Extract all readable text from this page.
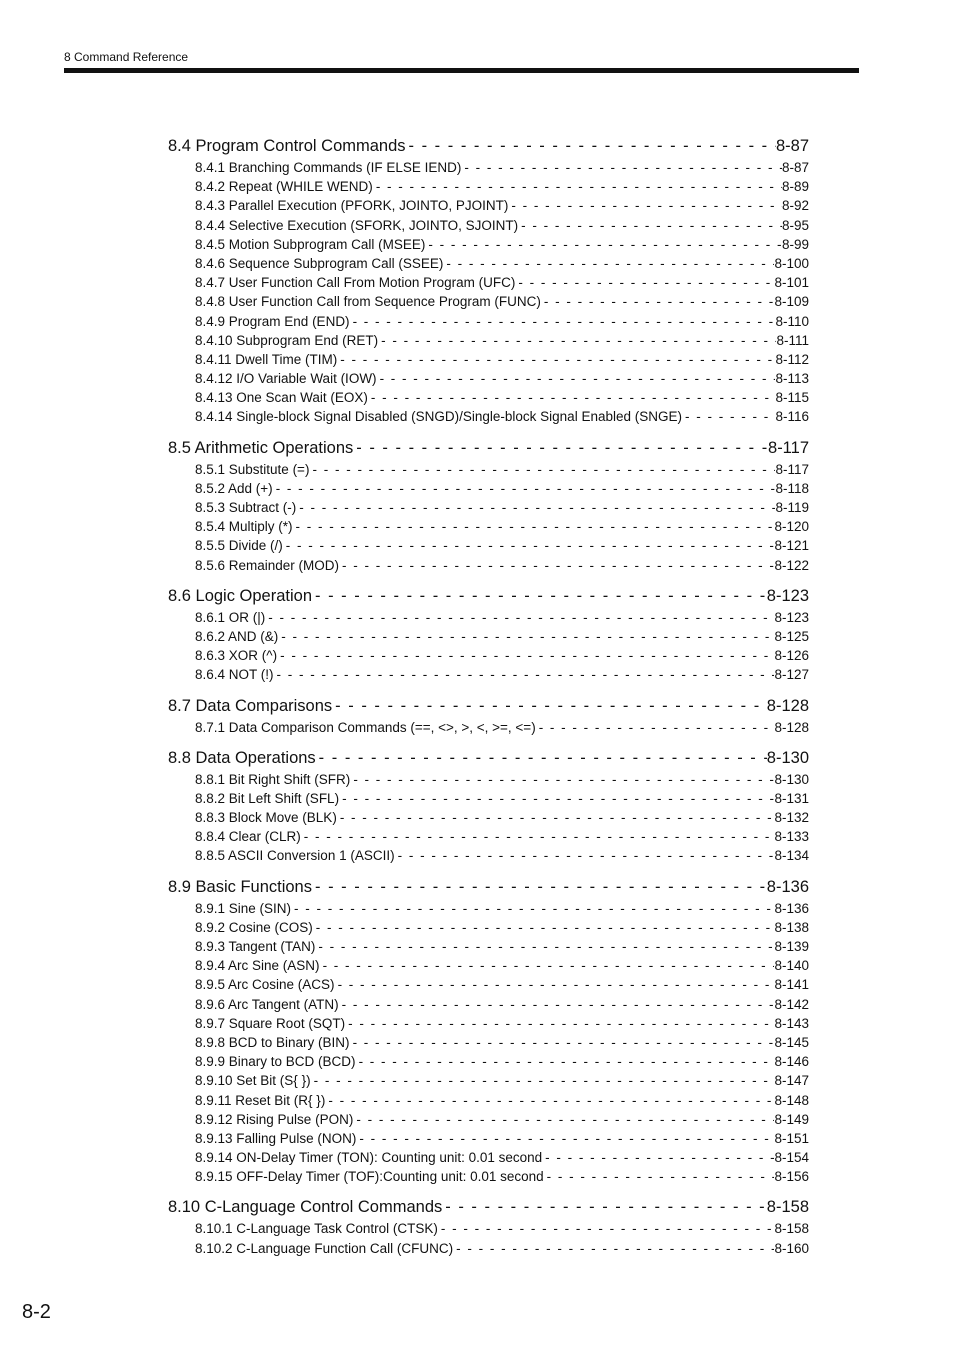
8 Command Reference
8.4 Program Control Commands - - -	8-87
8.4.1 Branching Commands (IF ELSE IEND) - - -	8-87
8.4.2 Repeat (WHILE WEND) - - -	8-89
8.4.3 Parallel Execution (PFORK, JOINTO, PJOINT) - - -	8-92
8.4.4 Selective Execution (SFORK, JOINTO, SJOINT) - - -	8-95
8.4.5 Motion Subprogram Call (MSEE) - - -	8-99
8.4.6 Sequence Subprogram Call (SSEE) - - -	8-100
8.4.7 User Function Call From Motion Program (UFC) - - -	8-101
8.4.8 User Function Call from Sequence Program (FUNC) - - -	8-109
8.4.9 Program End (END) - - -	8-110
8.4.10 Subprogram End (RET) - - -	8-111
8.4.11 Dwell Time (TIM) - - -	8-112
8.4.12 I/O Variable Wait (IOW) - - -	8-113
8.4.13 One Scan Wait (EOX) - - -	8-115
8.4.14 Single-block Signal Disabled (SNGD)/Single-block Signal Enabled (SNGE) - - -	8-116
8.5 Arithmetic Operations - - -	8-117
8.5.1 Substitute (=) - - -	8-117
8.5.2 Add (+) - - -	8-118
8.5.3 Subtract (-) - - -	8-119
8.5.4 Multiply (*) - - -	8-120
8.5.5 Divide (/) - - -	8-121
8.5.6 Remainder (MOD) - - -	8-122
8.6 Logic Operation - - -	8-123
8.6.1 OR (|) - - -	8-123
8.6.2 AND (&) - - -	8-125
8.6.3 XOR (^) - - -	8-126
8.6.4 NOT (!) - - -	8-127
8.7 Data Comparisons - - -	8-128
8.7.1 Data Comparison Commands (==, <>, >, <, >=, <=) - - -	8-128
8.8 Data Operations - - -	8-130
8.8.1 Bit Right Shift (SFR) - - -	8-130
8.8.2 Bit Left Shift (SFL) - - -	8-131
8.8.3 Block Move (BLK) - - -	8-132
8.8.4 Clear (CLR) - - -	8-133
8.8.5 ASCII Conversion 1 (ASCII) - - -	8-134
8.9 Basic Functions - - -	8-136
8.9.1 Sine (SIN) - - -	8-136
8.9.2 Cosine (COS) - - -	8-138
8.9.3 Tangent (TAN) - - -	8-139
8.9.4 Arc Sine (ASN) - - -	8-140
8.9.5 Arc Cosine (ACS) - - -	8-141
8.9.6 Arc Tangent (ATN) - - -	8-142
8.9.7 Square Root (SQT) - - -	8-143
8.9.8 BCD to Binary (BIN) - - -	8-145
8.9.9 Binary to BCD (BCD) - - -	8-146
8.9.10 Set Bit (S{ }) - - -	8-147
8.9.11 Reset Bit (R{ }) - - -	8-148
8.9.12 Rising Pulse (PON) - - -	8-149
8.9.13 Falling Pulse (NON) - - -	8-151
8.9.14 ON-Delay Timer (TON): Counting unit: 0.01 second - - -	8-154
8.9.15 OFF-Delay Timer (TOF):Counting unit: 0.01 second - - -	8-156
8.10 C-Language Control Commands - - -	8-158
8.10.1 C-Language Task Control (CTSK) - - -	8-158
8.10.2 C-Language Function Call (CFUNC) - - -	8-160
8-2
